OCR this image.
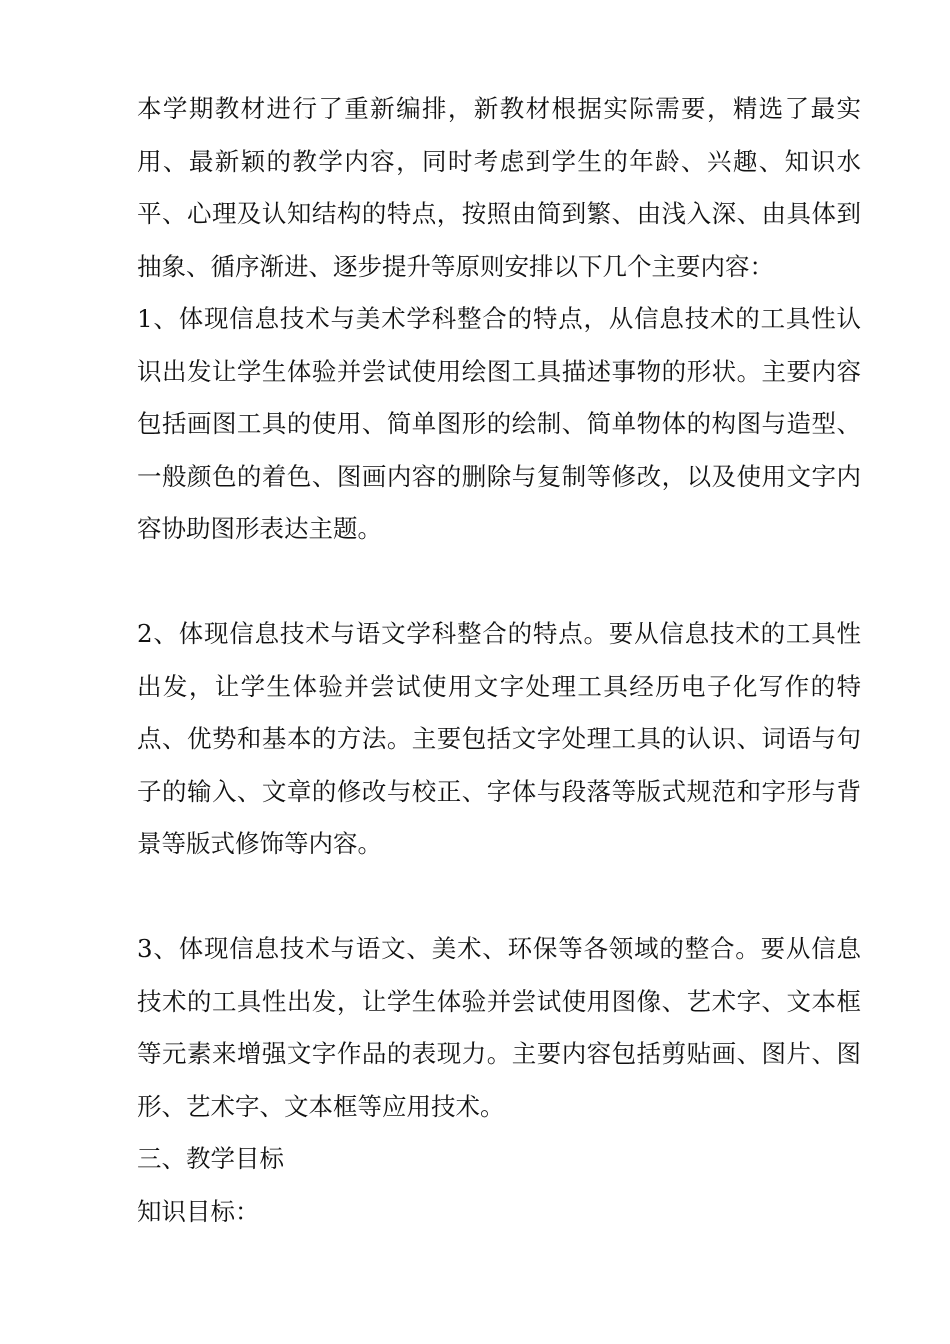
本学期教材进行了重新编排，新教材根据实际需要，精选了最实用、最新颖的教学内容，同时考虑到学生的年龄、兴趣、知识水平、心理及认知结构的特点，按照由简到繁、由浅入深、由具体到抽象、循序渐进、逐步提升等原则安排以下几个主要内容：

1、体现信息技术与美术学科整合的特点，从信息技术的工具性认识出发让学生体验并尝试使用绘图工具描述事物的形状。主要内容包括画图工具的使用、简单图形的绘制、简单物体的构图与造型、一般颜色的着色、图画内容的删除与复制等修改，以及使用文字内容协助图形表达主题。

2、体现信息技术与语文学科整合的特点。要从信息技术的工具性出发，让学生体验并尝试使用文字处理工具经历电子化写作的特点、优势和基本的方法。主要包括文字处理工具的认识、词语与句子的输入、文章的修改与校正、字体与段落等版式规范和字形与背景等版式修饰等内容。

3、体现信息技术与语文、美术、环保等各领域的整合。要从信息技术的工具性出发，让学生体验并尝试使用图像、艺术字、文本框等元素来增强文字作品的表现力。主要内容包括剪贴画、图片、图形、艺术字、文本框等应用技术。

三、教学目标

知识目标：
